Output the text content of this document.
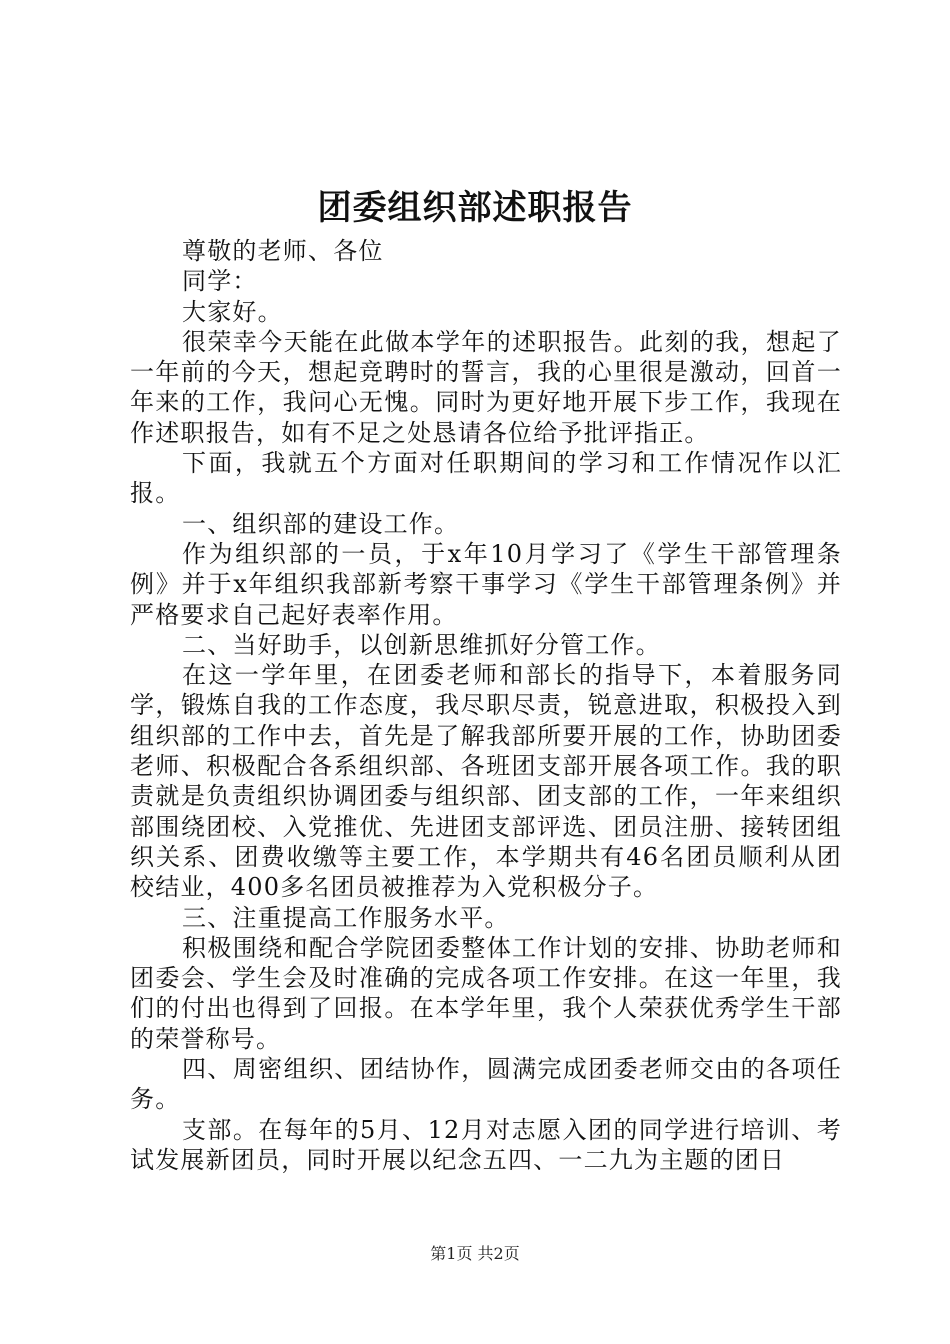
团委组织部述职报告

尊敬的老师、各位

同学：

大家好。

很荣幸今天能在此做本学年的述职报告。此刻的我，想起了一年前的今天，想起竞聘时的誓言，我的心里很是激动，回首一年来的工作，我问心无愧。同时为更好地开展下步工作，我现在作述职报告，如有不足之处恳请各位给予批评指正。

下面，我就五个方面对任职期间的学习和工作情况作以汇报。

一、组织部的建设工作。

作为组织部的一员，于x年10月学习了《学生干部管理条例》并于x年组织我部新考察干事学习《学生干部管理条例》并严格要求自己起好表率作用。

二、当好助手，以创新思维抓好分管工作。

在这一学年里，在团委老师和部长的指导下，本着服务同学，锻炼自我的工作态度，我尽职尽责，锐意进取，积极投入到组织部的工作中去，首先是了解我部所要开展的工作，协助团委老师、积极配合各系组织部、各班团支部开展各项工作。我的职责就是负责组织协调团委与组织部、团支部的工作，一年来组织部围绕团校、入党推优、先进团支部评选、团员注册、接转团组织关系、团费收缴等主要工作，本学期共有46名团员顺利从团校结业，400多名团员被推荐为入党积极分子。

三、注重提高工作服务水平。

积极围绕和配合学院团委整体工作计划的安排、协助老师和团委会、学生会及时准确的完成各项工作安排。在这一年里，我们的付出也得到了回报。在本学年里，我个人荣获优秀学生干部的荣誉称号。

四、周密组织、团结协作，圆满完成团委老师交由的各项任务。

支部。在每年的5月、12月对志愿入团的同学进行培训、考试发展新团员，同时开展以纪念五四、一二九为主题的团日

第1页 共2页
